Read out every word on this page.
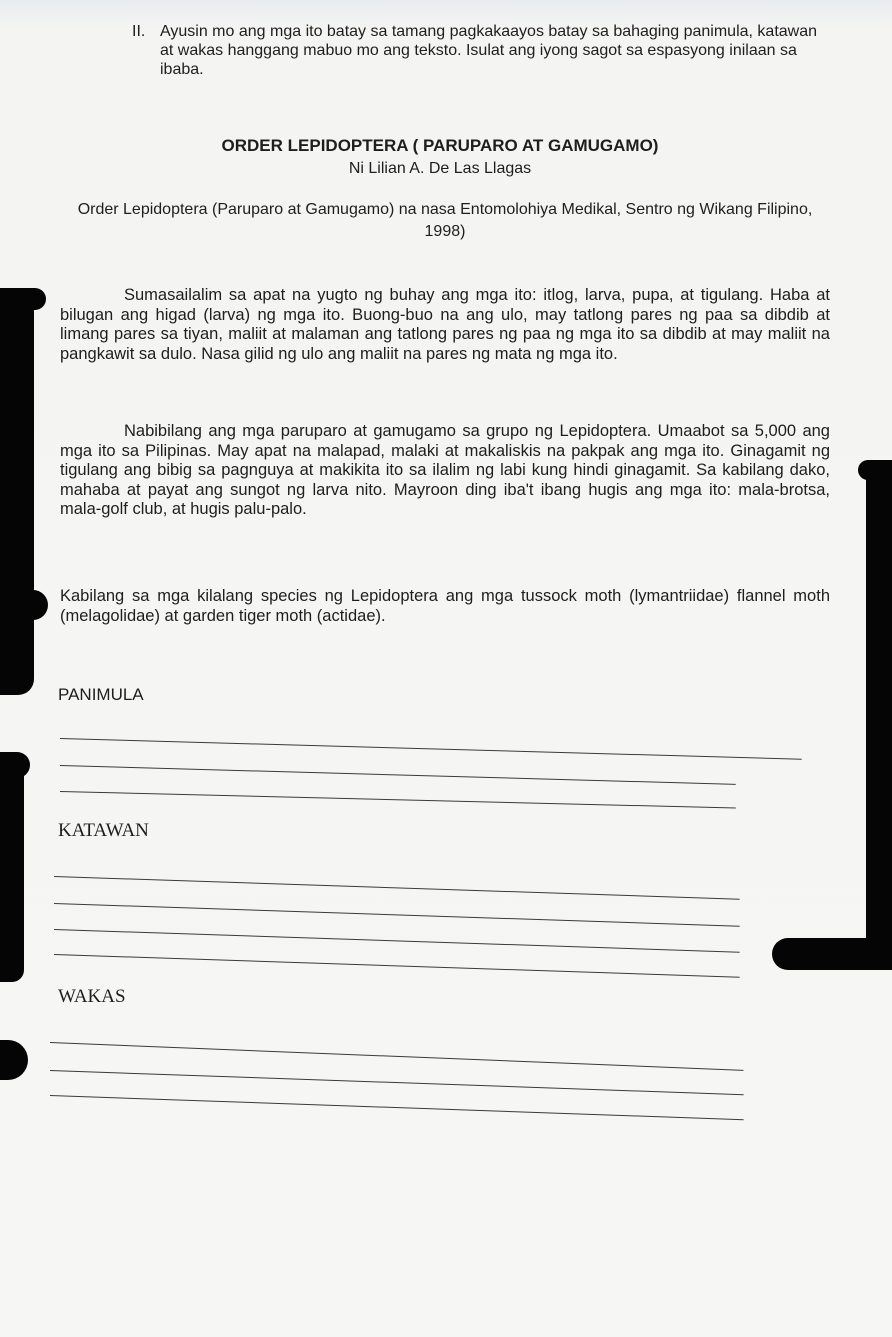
II. Ayusin mo ang mga ito batay sa tamang pagkakaayos batay sa bahaging panimula, katawan at wakas hanggang mabuo mo ang teksto. Isulat ang iyong sagot sa espasyong inilaan sa ibaba.

ORDER LEPIDOPTERA ( PARUPARO AT GAMUGAMO)

Ni Lilian A. De Las Llagas

Order Lepidoptera (Paruparo at Gamugamo) na nasa Entomolohiya Medikal, Sentro ng Wikang Filipino, 1998)

Sumasailalim sa apat na yugto ng buhay ang mga ito: itlog, larva, pupa, at tigulang. Haba at bilugan ang higad (larva) ng mga ito. Buong-buo na ang ulo, may tatlong pares ng paa sa dibdib at limang pares sa tiyan, maliit at malaman ang tatlong pares ng paa ng mga ito sa dibdib at may maliit na pangkawit sa dulo. Nasa gilid ng ulo ang maliit na pares ng mata ng mga ito.

Nabibilang ang mga paruparo at gamugamo sa grupo ng Lepidoptera. Umaabot sa 5,000 ang mga ito sa Pilipinas. May apat na malapad, malaki at makaliskis na pakpak ang mga ito. Ginagamit ng tigulang ang bibig sa pagnguya at makikita ito sa ilalim ng labi kung hindi ginagamit. Sa kabilang dako, mahaba at payat ang sungot ng larva nito. Mayroon ding iba't ibang hugis ang mga ito: mala-brotsa, mala-golf club, at hugis palu-palo.

Kabilang sa mga kilalang species ng Lepidoptera ang mga tussock moth (lymantriidae) flannel moth (melagolidae) at garden tiger moth (actidae).

PANIMULA

KATAWAN

WAKAS
